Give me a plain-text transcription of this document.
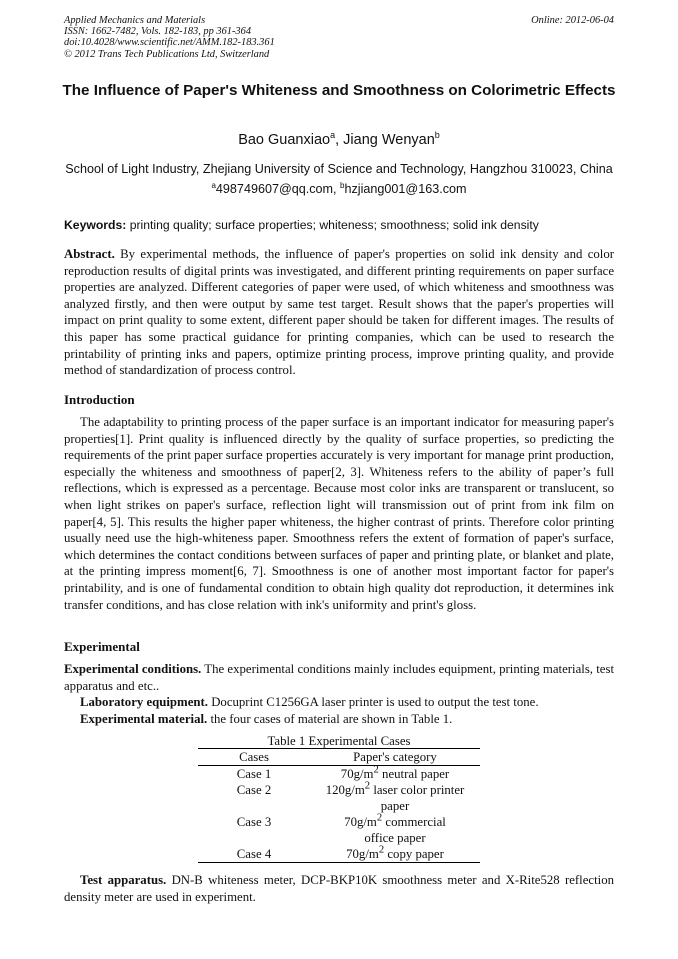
Applied Mechanics and Materials
ISSN: 1662-7482, Vols. 182-183, pp 361-364
doi:10.4028/www.scientific.net/AMM.182-183.361
© 2012 Trans Tech Publications Ltd, Switzerland
Online: 2012-06-04
The Influence of Paper's Whiteness and Smoothness on Colorimetric Effects
Bao Guanxiao$^a$, Jiang Wenyan$^b$
School of Light Industry, Zhejiang University of Science and Technology, Hangzhou 310023, China
$^a$498749607@qq.com, $^b$hzjiang001@163.com
Keywords: printing quality; surface properties; whiteness; smoothness; solid ink density
Abstract. By experimental methods, the influence of paper's properties on solid ink density and color reproduction results of digital prints was investigated, and different printing requirements on paper surface properties are analyzed. Different categories of paper were used, of which whiteness and smoothness was analyzed firstly, and then were output by same test target. Result shows that the paper's properties will impact on print quality to some extent, different paper should be taken for different images. The results of this paper has some practical guidance for printing companies, which can be used to research the printability of printing inks and papers, optimize printing process, improve printing quality, and provide method of standardization of process control.
Introduction
The adaptability to printing process of the paper surface is an important indicator for measuring paper's properties[1]. Print quality is influenced directly by the quality of surface properties, so predicting the requirements of the print paper surface properties accurately is very important for manage print production, especially the whiteness and smoothness of paper[2, 3]. Whiteness refers to the ability of paper’s full reflections, which is expressed as a percentage. Because most color inks are transparent or translucent, so when light strikes on paper's surface, reflection light will transmission out of print from ink film on paper[4, 5]. This results the higher paper whiteness, the higher contrast of prints. Therefore color printing usually need use the high-whiteness paper. Smoothness refers the extent of formation of paper's surface, which determines the contact conditions between surfaces of paper and printing plate, or blanket and plate, at the printing impress moment[6, 7]. Smoothness is one of another most important factor for paper's printability, and is one of fundamental condition to obtain high quality dot reproduction, it determines ink transfer conditions, and has close relation with ink's uniformity and print's gloss.
Experimental
Experimental conditions. The experimental conditions mainly includes equipment, printing materials, test apparatus and etc..
Laboratory equipment. Docuprint C1256GA laser printer is used to output the test tone.
Experimental material. the four cases of material are shown in Table 1.
Table 1 Experimental Cases
Cases	Paper's category
Case 1	$70g/m^2$ neutral paper
Case 2	$120g/m^2$ laser color printer paper
Case 3	$70g/m^2$ commercial office paper
Case 4	$70g/m^2$ copy paper
Test apparatus. DN-B whiteness meter, DCP-BKP10K smoothness meter and X-Rite528 reflection density meter are used in experiment.
